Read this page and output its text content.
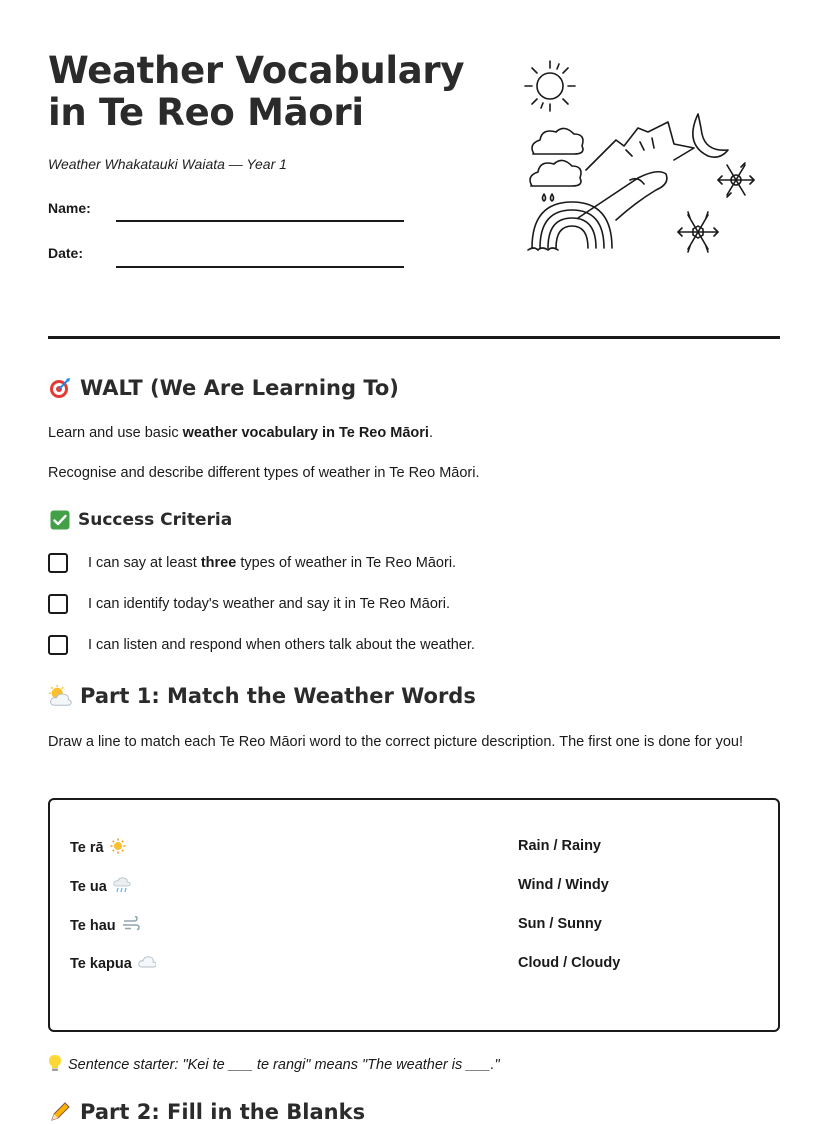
Weather Vocabulary in Te Reo Māori
Weather Whakatauki Waiata — Year 1
Name:
Date:
WALT (We Are Learning To)
Learn and use basic weather vocabulary in Te Reo Māori.
Recognise and describe different types of weather in Te Reo Māori.
Success Criteria
I can say at least three types of weather in Te Reo Māori.
I can identify today's weather and say it in Te Reo Māori.
I can listen and respond when others talk about the weather.
Part 1: Match the Weather Words
Draw a line to match each Te Reo Māori word to the correct picture description. The first one is done for you!
Te rā
Te ua
Te hau
Te kapua
Rain / Rainy
Wind / Windy
Sun / Sunny
Cloud / Cloudy
Sentence starter: "Kei te ___ te rangi" means "The weather is ___."
Part 2: Fill in the Blanks
